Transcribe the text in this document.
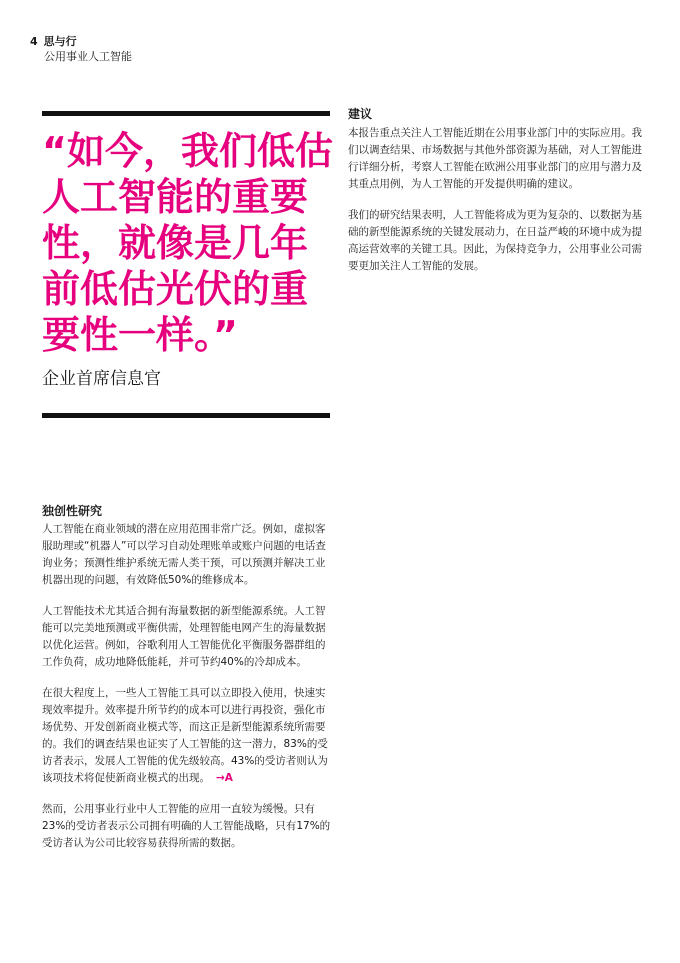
4 思与行
公用事业人工智能
“如今，我们低估人工智能的重要性，就像是几年前低估光伏的重要性一样。”
企业首席信息官
建议

本报告重点关注人工智能近期在公用事业部门中的实际应用。我们以调查结果、市场数据与其他外部资源为基础，对人工智能进行详细分析，考察人工智能在欧洲公用事业部门的应用与潜力及其重点用例，为人工智能的开发提供明确的建议。

我们的研究结果表明，人工智能将成为更为复杂的、以数据为基础的新型能源系统的关键发展动力，在日益严峻的环境中成为提高运营效率的关键工具。因此，为保持竞争力，公用事业公司需要更加关注人工智能的发展。

独创性研究

人工智能在商业领域的潜在应用范围非常广泛。例如，虚拟客服助理或“机器人”可以学习自动处理账单或账户问题的电话查询业务；预测性维护系统无需人类干预，可以预测并解决工业机器出现的问题，有效降低50%的维修成本。

人工智能技术尤其适合拥有海量数据的新型能源系统。人工智能可以完美地预测或平衡供需，处理智能电网产生的海量数据以优化运营。例如，谷歌利用人工智能优化平衡服务器群组的工作负荷，成功地降低能耗，并可节约40%的冷却成本。

在很大程度上，一些人工智能工具可以立即投入使用，快速实现效率提升。效率提升所节约的成本可以进行再投资，强化市场优势、开发创新商业模式等，而这正是新型能源系统所需要的。我们的调查结果也证实了人工智能的这一潜力，83%的受访者表示，发展人工智能的优先级较高。43%的受访者则认为该项技术将促使新商业模式的出现。 →A

然而，公用事业行业中人工智能的应用一直较为缓慢。只有23%的受访者表示公司拥有明确的人工智能战略，只有17%的受访者认为公司比较容易获得所需的数据。
